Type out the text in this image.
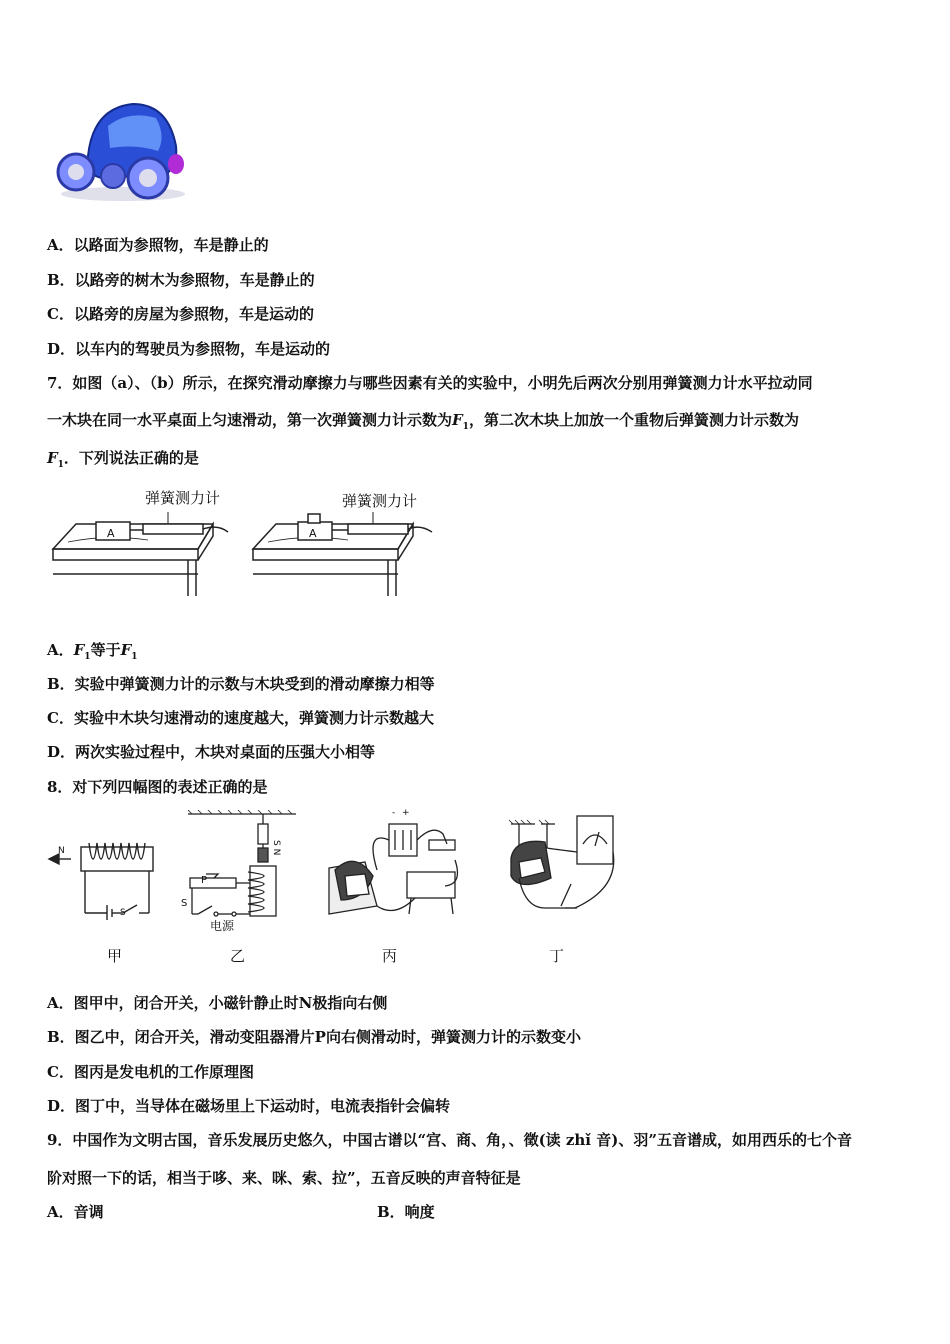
A．以路面为参照物，车是静止的
B．以路旁的树木为参照物，车是静止的
C．以路旁的房屋为参照物，车是运动的
D．以车内的驾驶员为参照物，车是运动的
7．如图（a）、（b）所示，在探究滑动摩擦力与哪些因素有关的实验中，小明先后两次分别用弹簧测力计水平拉动同
一木块在同一水平桌面上匀速滑动，第一次弹簧测力计示数为$F_1$，第二次木块上加放一个重物后弹簧测力计示数为
$F_1$．下列说法正确的是
弹簧测力计	弹簧测力计
A	A
A．$F_1$等于$F_1$
B．实验中弹簧测力计的示数与木块受到的滑动摩擦力相等
C．实验中木块匀速滑动的速度越大，弹簧测力计示数越大
D．两次实验过程中，木块对桌面的压强大小相等
8．对下列四幅图的表述正确的是
N
S
P
S
电源
S N
+
-
甲	乙	丙	丁
A．图甲中，闭合开关，小磁针静止时N极指向右侧
B．图乙中，闭合开关，滑动变阻器滑片P向右侧滑动时，弹簧测力计的示数变小
C．图丙是发电机的工作原理图
D．图丁中，当导体在磁场里上下运动时，电流表指针会偏转
9．中国作为文明古国，音乐发展历史悠久，中国古谱以“宫、商、角，、徵(读 zhǐ 音)、羽”五音谱成，如用西乐的七个音
阶对照一下的话，相当于哆、来、咪、索、拉”，五音反映的声音特征是
A．音调	B．响度
